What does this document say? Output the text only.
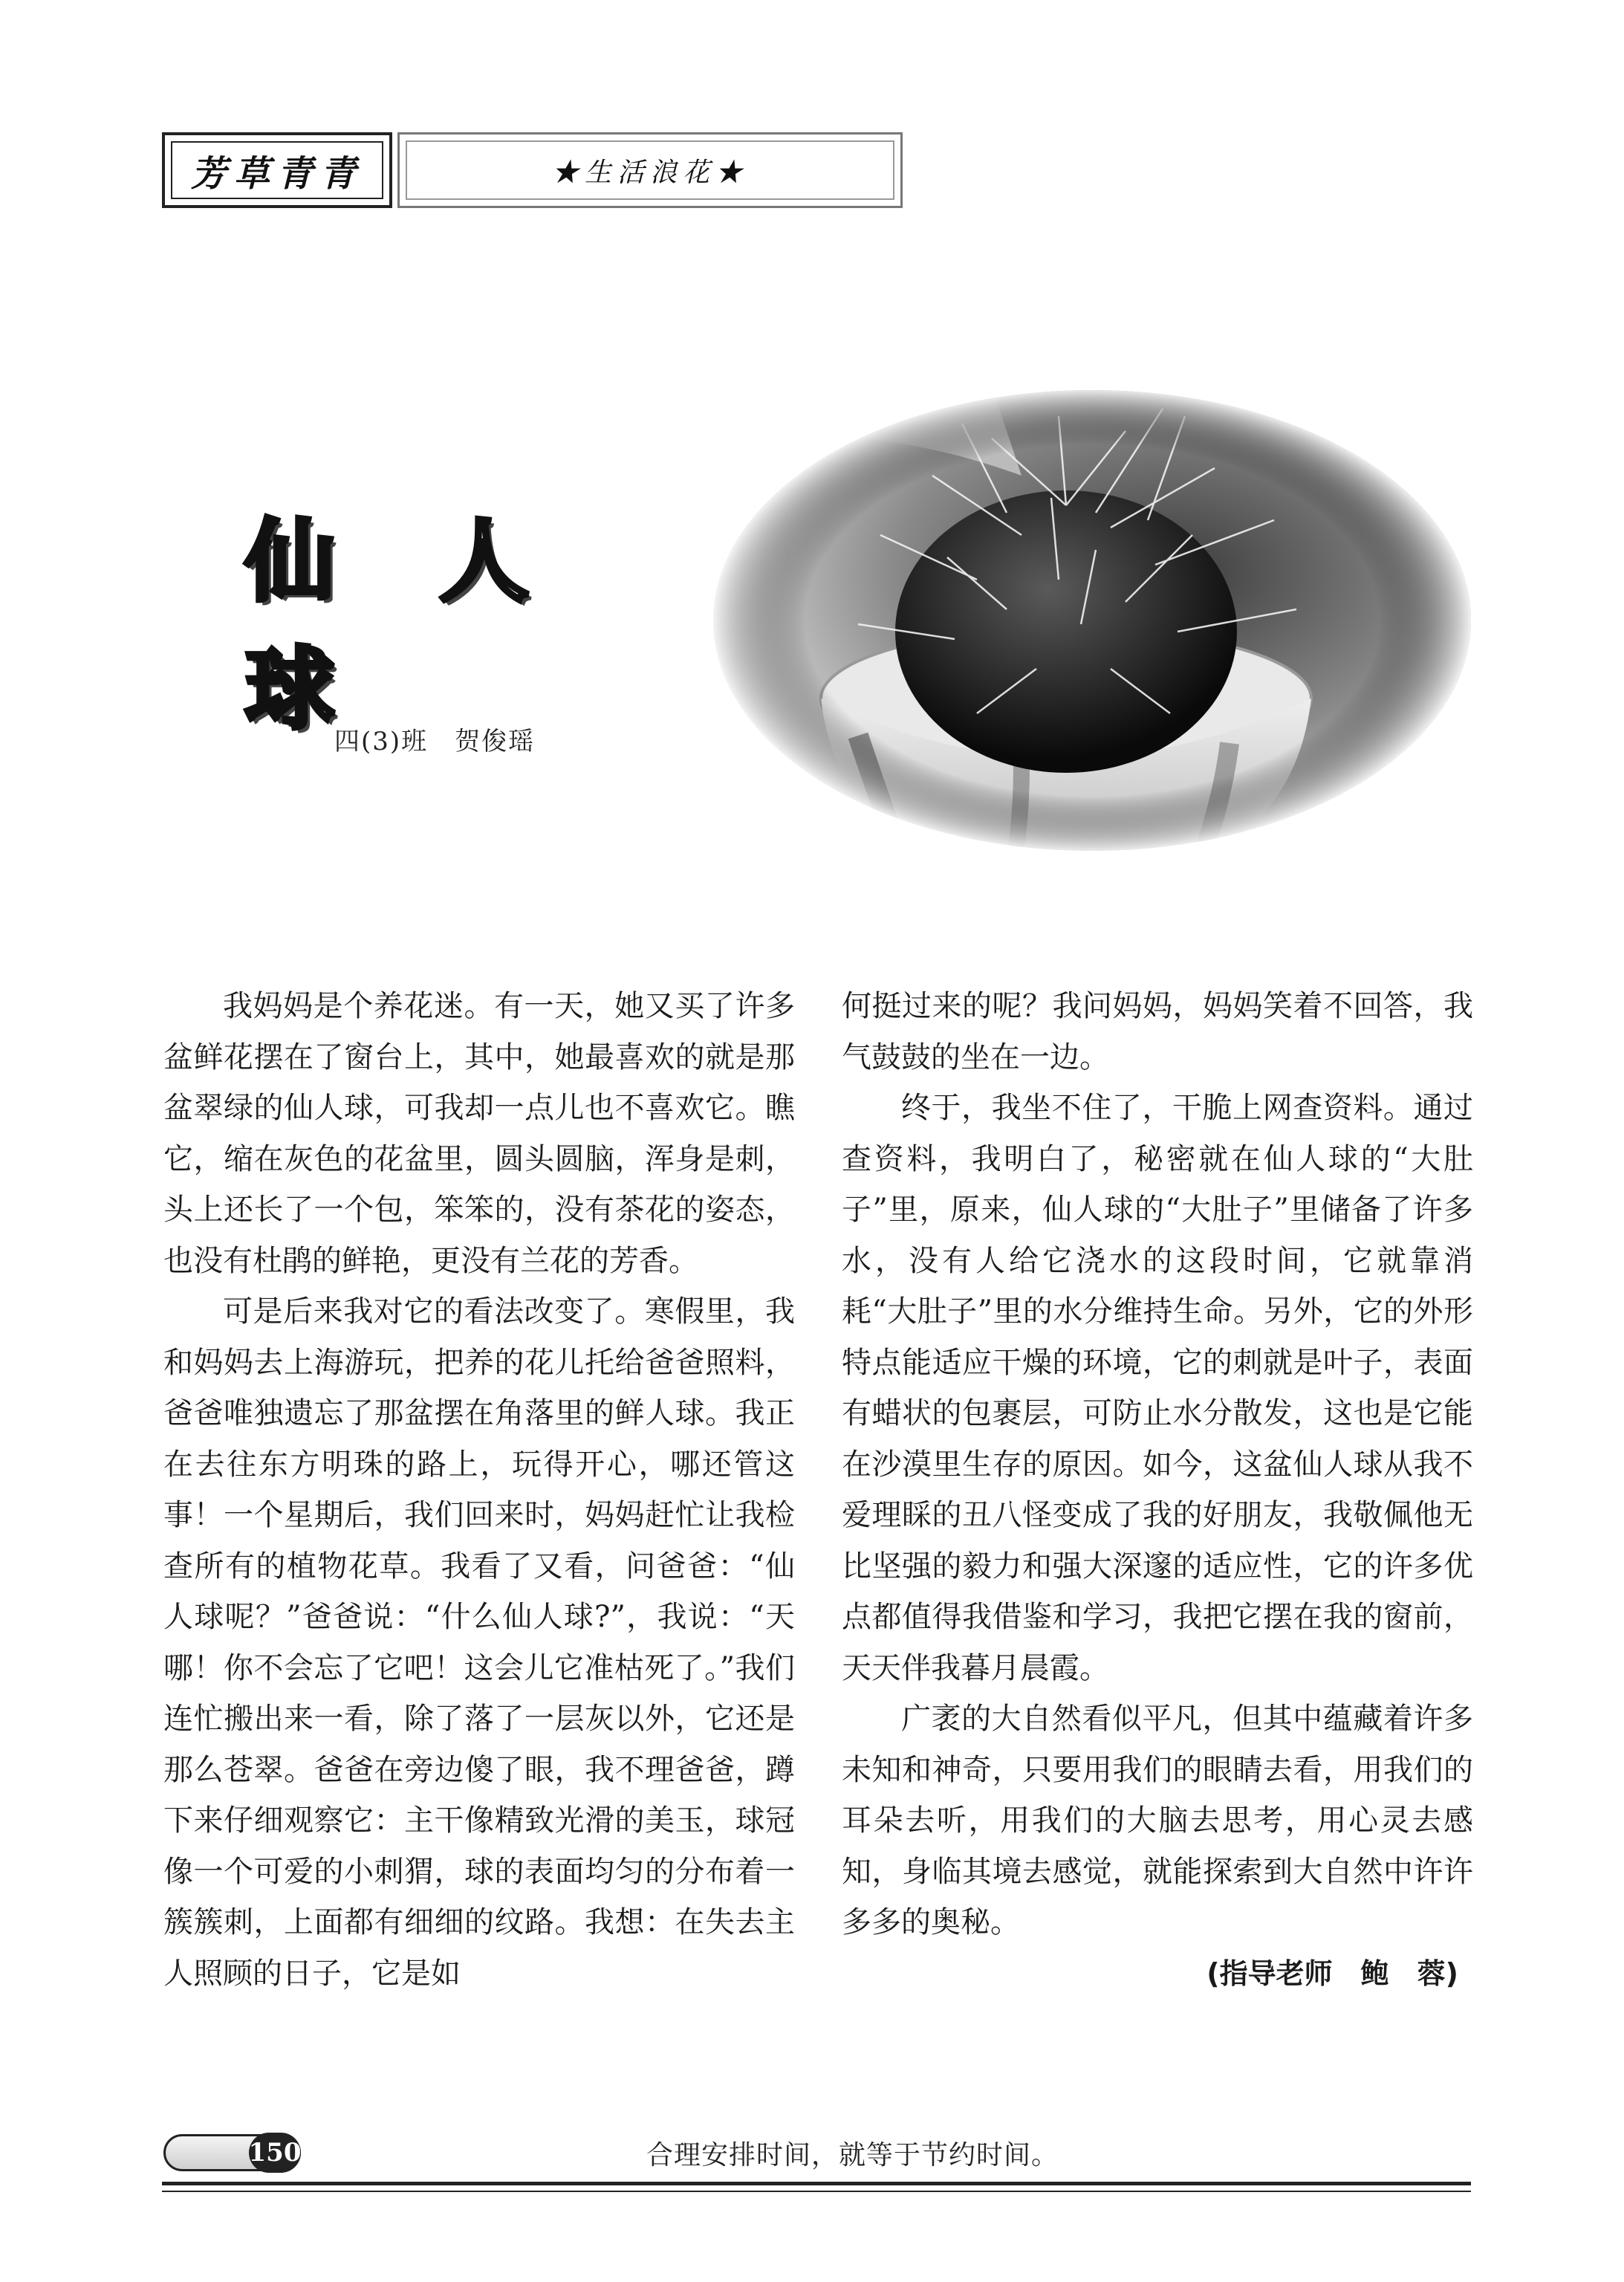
芳草青青	★生活浪花★
仙 人 球
四(3)班　贺俊瑶

我妈妈是个养花迷。有一天，她又买了许多盆鲜花摆在了窗台上，其中，她最喜欢的就是那盆翠绿的仙人球，可我却一点儿也不喜欢它。瞧它，缩在灰色的花盆里，圆头圆脑，浑身是刺，头上还长了一个包，笨笨的，没有茶花的姿态，也没有杜鹃的鲜艳，更没有兰花的芳香。

可是后来我对它的看法改变了。寒假里，我和妈妈去上海游玩，把养的花儿托给爸爸照料，爸爸唯独遗忘了那盆摆在角落里的鲜人球。我正在去往东方明珠的路上，玩得开心，哪还管这事！一个星期后，我们回来时，妈妈赶忙让我检查所有的植物花草。我看了又看，问爸爸：“仙人球呢？”爸爸说：“什么仙人球?”，我说：“天哪！你不会忘了它吧！这会儿它准枯死了。”我们连忙搬出来一看，除了落了一层灰以外，它还是那么苍翠。爸爸在旁边傻了眼，我不理爸爸，蹲下来仔细观察它：主干像精致光滑的美玉，球冠像一个可爱的小刺猬，球的表面均匀的分布着一簇簇刺，上面都有细细的纹路。我想：在失去主人照顾的日子，它是如

何挺过来的呢？我问妈妈，妈妈笑着不回答，我气鼓鼓的坐在一边。

终于，我坐不住了，干脆上网查资料。通过查资料，我明白了，秘密就在仙人球的“大肚子”里，原来，仙人球的“大肚子”里储备了许多水，没有人给它浇水的这段时间，它就靠消耗“大肚子”里的水分维持生命。另外，它的外形特点能适应干燥的环境，它的刺就是叶子，表面有蜡状的包裹层，可防止水分散发，这也是它能在沙漠里生存的原因。如今，这盆仙人球从我不爱理睬的丑八怪变成了我的好朋友，我敬佩他无比坚强的毅力和强大深邃的适应性，它的许多优点都值得我借鉴和学习，我把它摆在我的窗前，天天伴我暮月晨霞。

广袤的大自然看似平凡，但其中蕴藏着许多未知和神奇，只要用我们的眼睛去看，用我们的耳朵去听，用我们的大脑去思考，用心灵去感知，身临其境去感觉，就能探索到大自然中许许多多的奥秘。

(指导老师　鲍　蓉)

150	合理安排时间，就等于节约时间。
